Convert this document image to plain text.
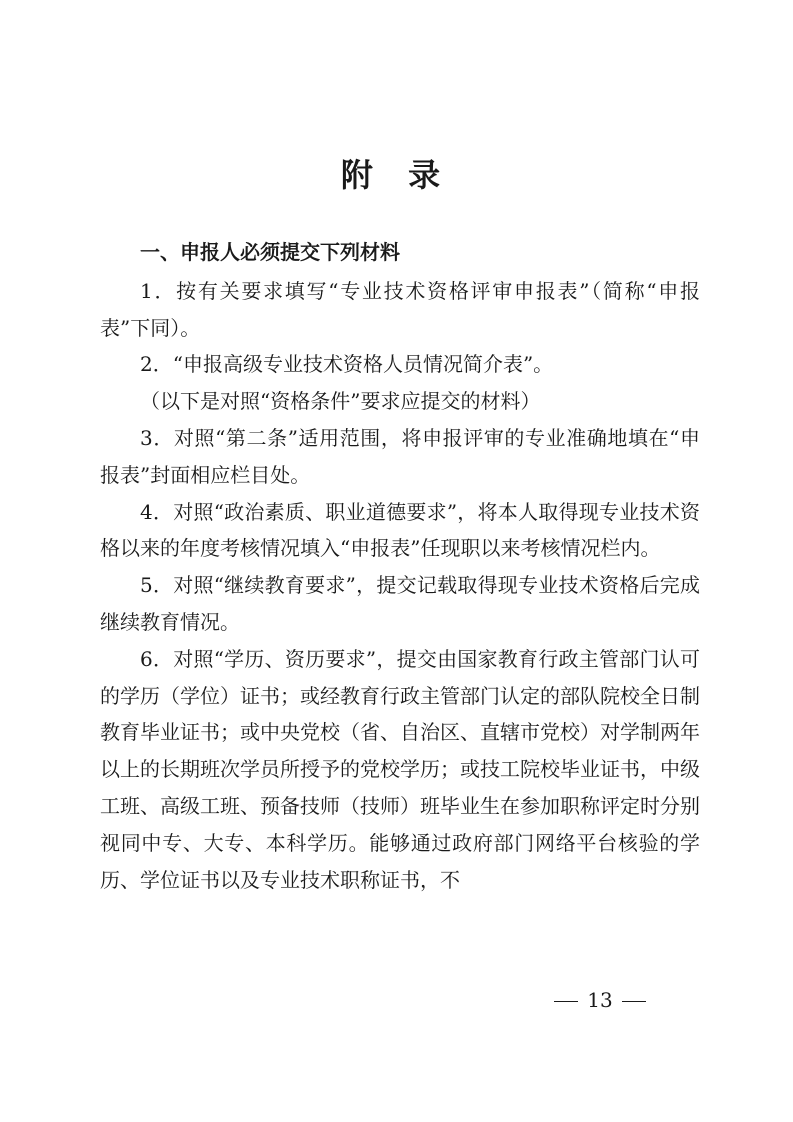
附 录

一、申报人必须提交下列材料

1．按有关要求填写“专业技术资格评审申报表”（简称“申报表”下同）。

2．“申报高级专业技术资格人员情况简介表”。

（以下是对照“资格条件”要求应提交的材料）

3．对照“第二条”适用范围，将申报评审的专业准确地填在“申报表”封面相应栏目处。

4．对照“政治素质、职业道德要求”，将本人取得现专业技术资格以来的年度考核情况填入“申报表”任现职以来考核情况栏内。

5．对照“继续教育要求”，提交记载取得现专业技术资格后完成继续教育情况。

6．对照“学历、资历要求”，提交由国家教育行政主管部门认可的学历（学位）证书；或经教育行政主管部门认定的部队院校全日制教育毕业证书；或中央党校（省、自治区、直辖市党校）对学制两年以上的长期班次学员所授予的党校学历；或技工院校毕业证书，中级工班、高级工班、预备技师（技师）班毕业生在参加职称评定时分别视同中专、大专、本科学历。能够通过政府部门网络平台核验的学历、学位证书以及专业技术职称证书，不

13
